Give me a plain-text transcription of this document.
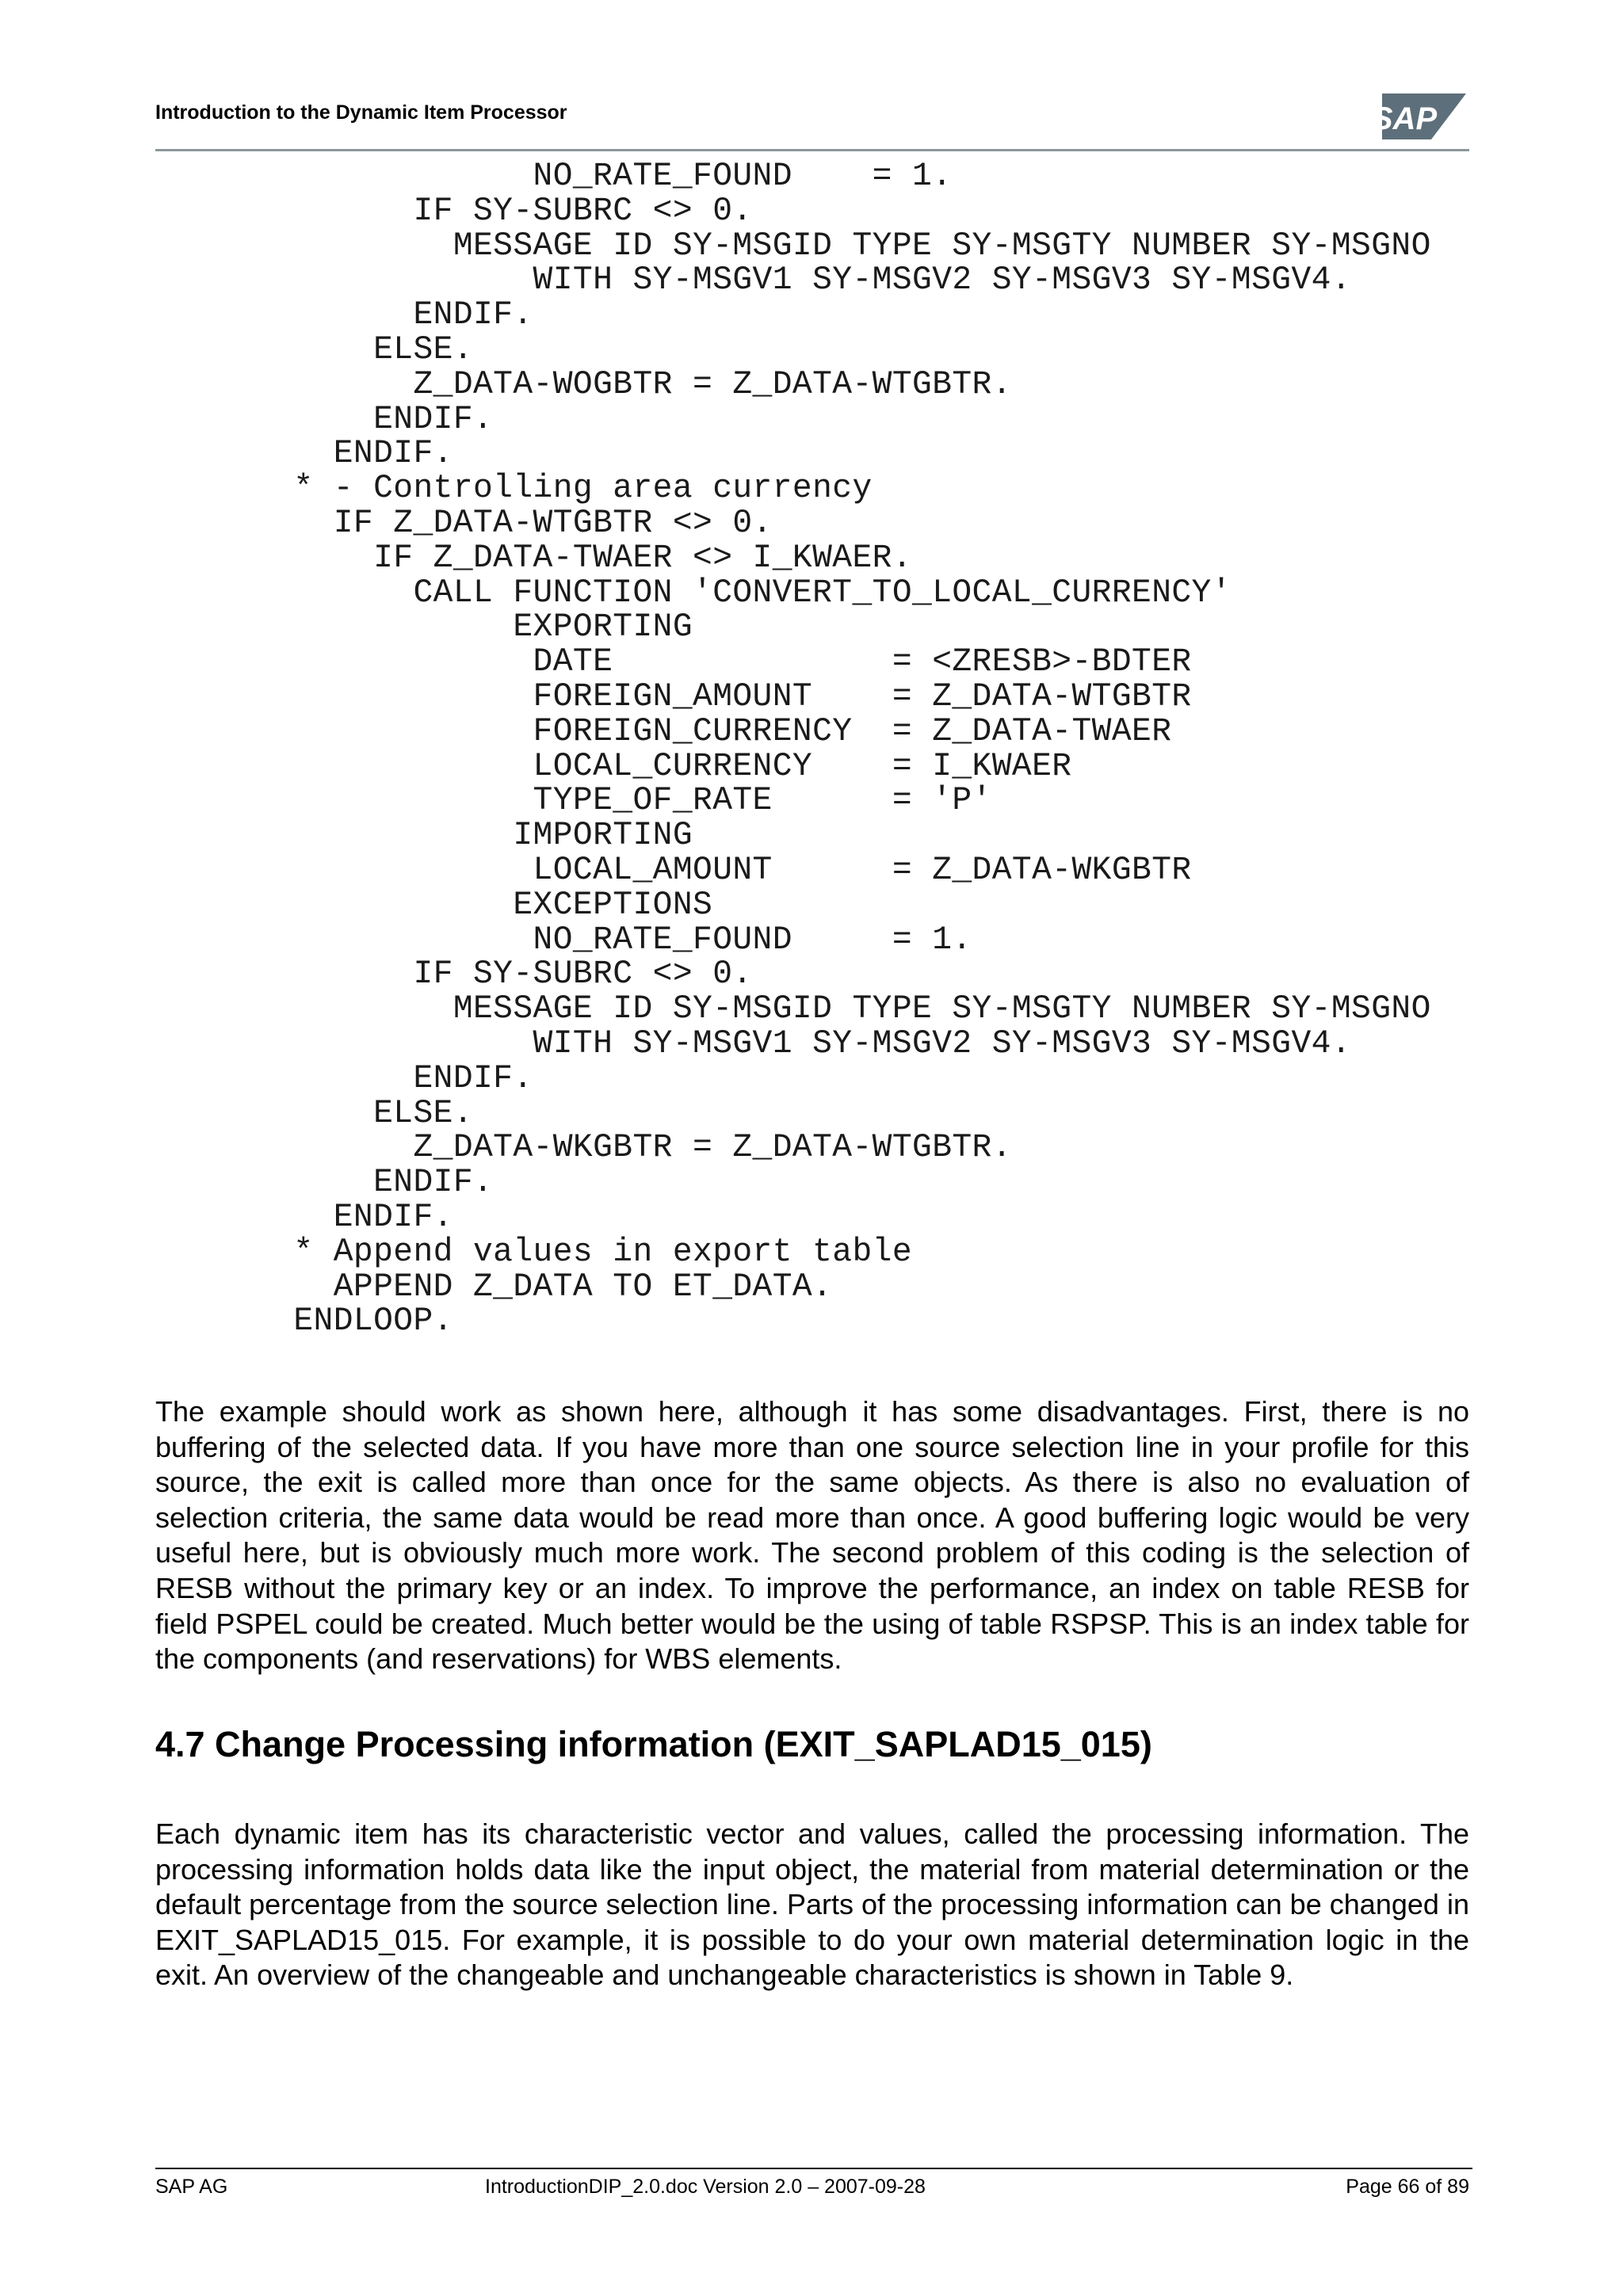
Introduction to the Dynamic Item Processor	SAP
NO_RATE_FOUND    = 1.
IF SY-SUBRC <> 0.
MESSAGE ID SY-MSGID TYPE SY-MSGTY NUMBER SY-MSGNO
WITH SY-MSGV1 SY-MSGV2 SY-MSGV3 SY-MSGV4.
ENDIF.
ELSE.
Z_DATA-WOGBTR = Z_DATA-WTGBTR.
ENDIF.
ENDIF.
* - Controlling area currency
IF Z_DATA-WTGBTR <> 0.
IF Z_DATA-TWAER <> I_KWAER.
CALL FUNCTION 'CONVERT_TO_LOCAL_CURRENCY'
EXPORTING
DATE              = <ZRESB>-BDTER
FOREIGN_AMOUNT    = Z_DATA-WTGBTR
FOREIGN_CURRENCY  = Z_DATA-TWAER
LOCAL_CURRENCY    = I_KWAER
TYPE_OF_RATE      = 'P'
IMPORTING
LOCAL_AMOUNT      = Z_DATA-WKGBTR
EXCEPTIONS
NO_RATE_FOUND     = 1.
IF SY-SUBRC <> 0.
MESSAGE ID SY-MSGID TYPE SY-MSGTY NUMBER SY-MSGNO
WITH SY-MSGV1 SY-MSGV2 SY-MSGV3 SY-MSGV4.
ENDIF.
ELSE.
Z_DATA-WKGBTR = Z_DATA-WTGBTR.
ENDIF.
ENDIF.
* Append values in export table
APPEND Z_DATA TO ET_DATA.
ENDLOOP.

The example should work as shown here, although it has some disadvantages. First, there is no buffering of the selected data. If you have more than one source selection line in your profile for this source, the exit is called more than once for the same objects. As there is also no evaluation of selection criteria, the same data would be read more than once. A good buffering logic would be very useful here, but is obviously much more work. The second problem of this coding is the selection of RESB without the primary key or an index. To improve the performance, an index on table RESB for field PSPEL could be created. Much better would be the using of table RSPSP. This is an index table for the components (and reservations) for WBS elements.

4.7 Change Processing information (EXIT_SAPLAD15_015)

Each dynamic item has its characteristic vector and values, called the processing information. The processing information holds data like the input object, the material from material determination or the default percentage from the source selection line. Parts of the processing information can be changed in EXIT_SAPLAD15_015. For example, it is possible to do your own material determination logic in the exit. An overview of the changeable and unchangeable characteristics is shown in Table 9.

SAP AG	IntroductionDIP_2.0.doc Version 2.0 – 2007-09-28	Page 66 of 89
